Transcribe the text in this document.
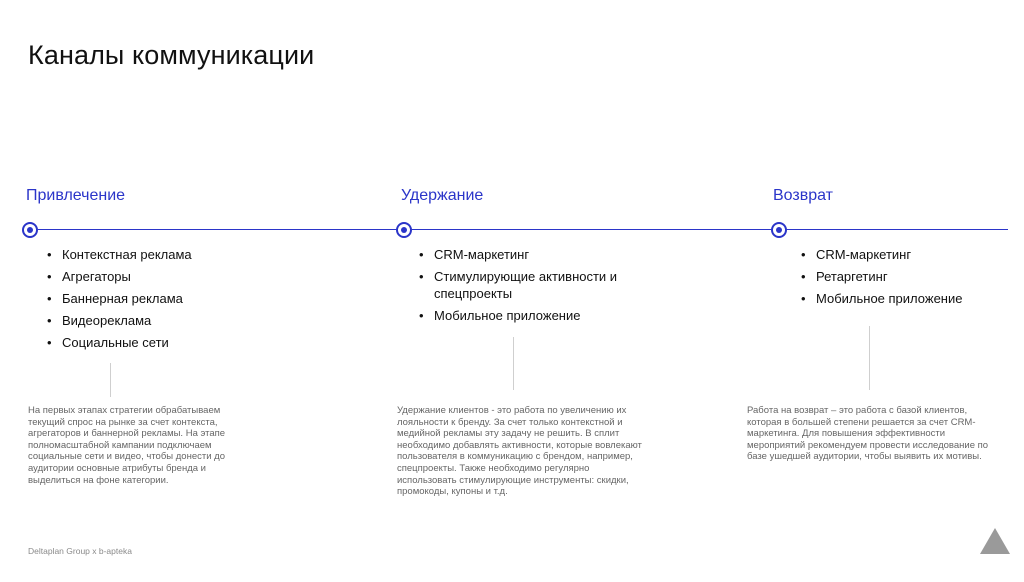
Каналы коммуникации
Привлечение	Удержание	Возврат
• Контекстная реклама
• Агрегаторы
• Баннерная реклама
• Видеореклама
• Социальные сети
• CRM-маркетинг
• Стимулирующие активности и спецпроекты
• Мобильное приложение
• CRM-маркетинг
• Ретаргетинг
• Мобильное приложение

На первых этапах стратегии обрабатываем текущий спрос на рынке за счет контекста, агрегаторов и баннерной рекламы. На этапе полномасштабной кампании подключаем социальные сети и видео, чтобы донести до аудитории основные атрибуты бренда и выделиться на фоне категории.

Удержание клиентов - это работа по увеличению их лояльности к бренду. За счет только контекстной и медийной рекламы эту задачу не решить. В сплит необходимо добавлять активности, которые вовлекают пользователя в коммуникацию с брендом, например, спецпроекты. Также необходимо регулярно использовать стимулирующие инструменты: скидки, промокоды, купоны и т.д.

Работа на возврат – это работа с базой клиентов, которая в большей степени решается за счет CRM-маркетинга. Для повышения эффективности мероприятий рекомендуем провести исследование по базе ушедшей аудитории, чтобы выявить их мотивы.

Deltaplan Group x b-apteka
